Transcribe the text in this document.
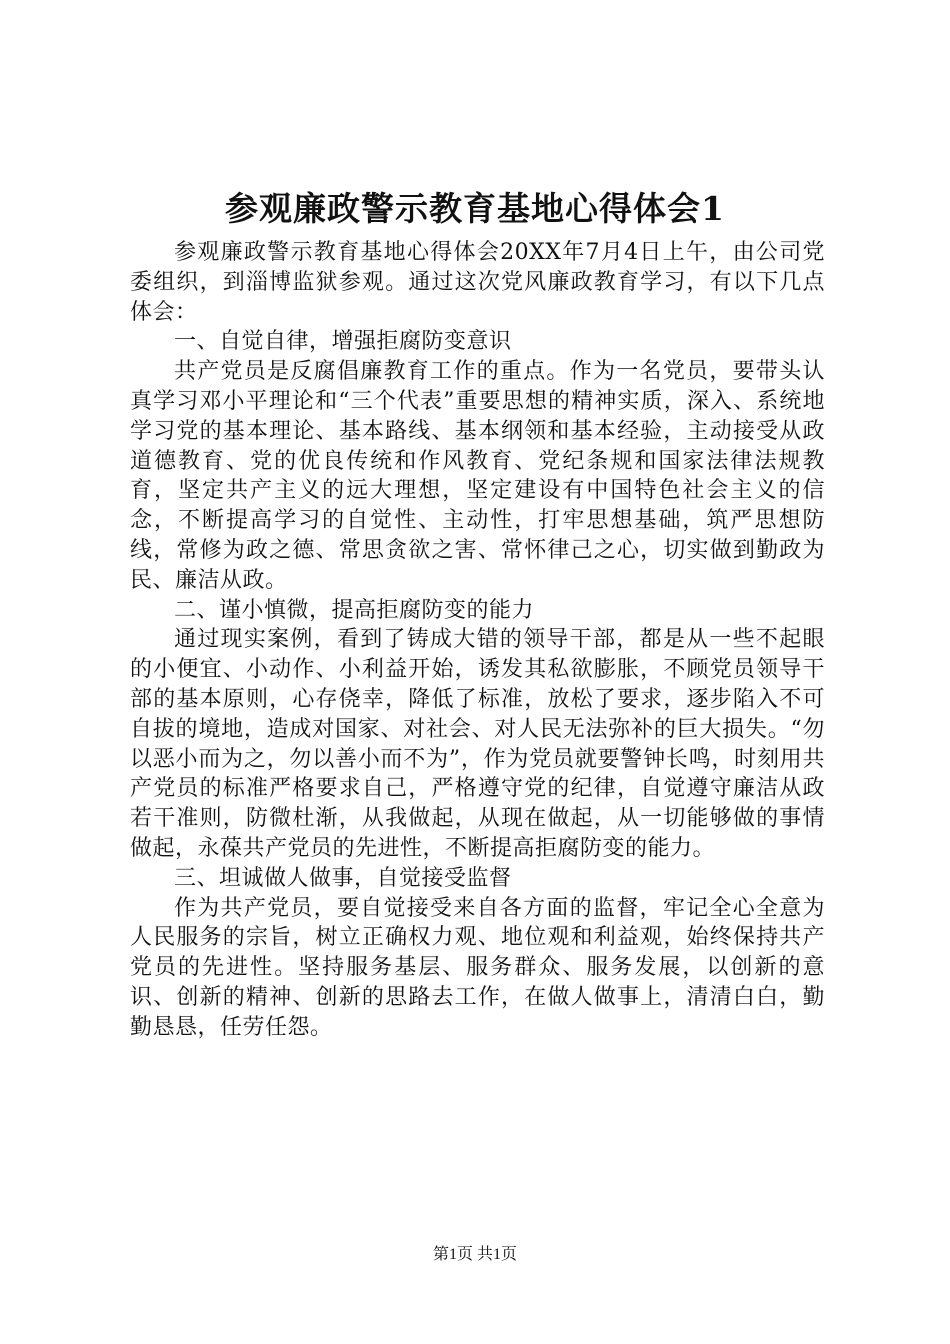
参观廉政警示教育基地心得体会1

参观廉政警示教育基地心得体会20XX年7月4日上午，由公司党委组织，到淄博监狱参观。通过这次党风廉政教育学习，有以下几点体会：

一、自觉自律，增强拒腐防变意识

共产党员是反腐倡廉教育工作的重点。作为一名党员，要带头认真学习邓小平理论和“三个代表”重要思想的精神实质，深入、系统地学习党的基本理论、基本路线、基本纲领和基本经验，主动接受从政道德教育、党的优良传统和作风教育、党纪条规和国家法律法规教育，坚定共产主义的远大理想，坚定建设有中国特色社会主义的信念，不断提高学习的自觉性、主动性，打牢思想基础，筑严思想防线，常修为政之德、常思贪欲之害、常怀律己之心，切实做到勤政为民、廉洁从政。

二、谨小慎微，提高拒腐防变的能力

通过现实案例，看到了铸成大错的领导干部，都是从一些不起眼的小便宜、小动作、小利益开始，诱发其私欲膨胀，不顾党员领导干部的基本原则，心存侥幸，降低了标准，放松了要求，逐步陷入不可自拔的境地，造成对国家、对社会、对人民无法弥补的巨大损失。“勿以恶小而为之，勿以善小而不为”，作为党员就要警钟长鸣，时刻用共产党员的标准严格要求自己，严格遵守党的纪律，自觉遵守廉洁从政若干准则，防微杜渐，从我做起，从现在做起，从一切能够做的事情做起，永葆共产党员的先进性，不断提高拒腐防变的能力。

三、坦诚做人做事，自觉接受监督

作为共产党员，要自觉接受来自各方面的监督，牢记全心全意为人民服务的宗旨，树立正确权力观、地位观和利益观，始终保持共产党员的先进性。坚持服务基层、服务群众、服务发展，以创新的意识、创新的精神、创新的思路去工作，在做人做事上，清清白白，勤勤恳恳，任劳任怨。

第1页 共1页
